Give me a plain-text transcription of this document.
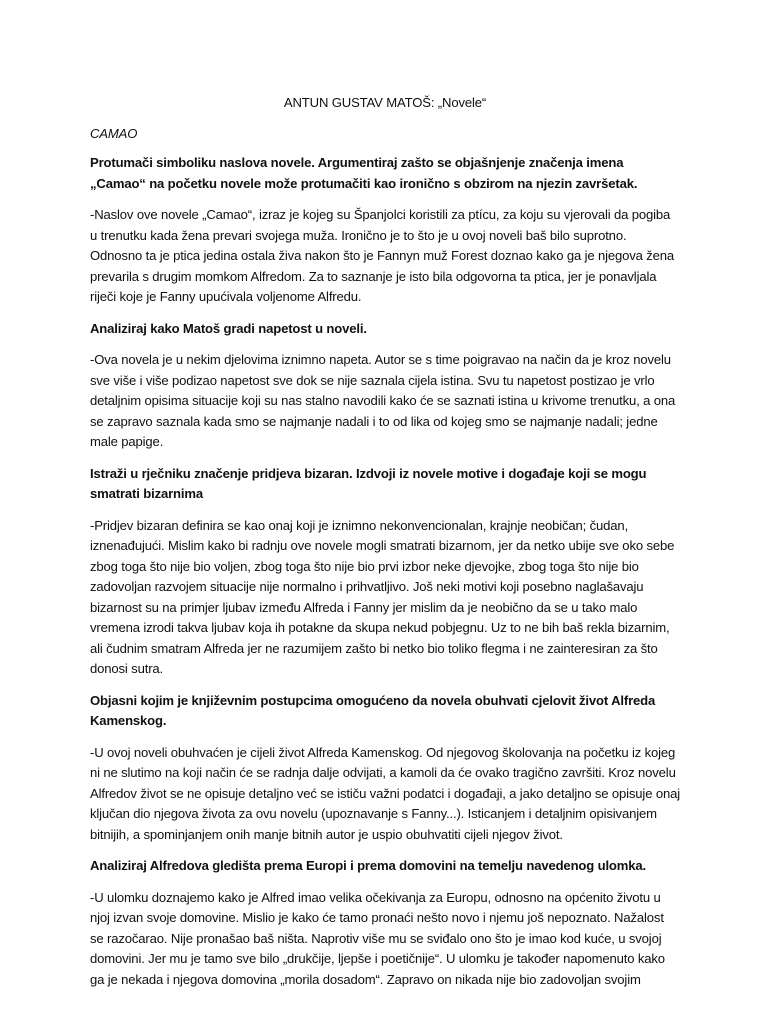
ANTUN GUSTAV MATOŠ: „Novele“

CAMAO

Protumači simboliku naslova novele. Argumentiraj zašto se objašnjenje značenja imena „Camao“ na početku novele može protumačiti kao ironično s obzirom na njezin završetak.

-Naslov ove novele „Camao“, izraz je kojeg su Španjolci koristili za ptícu, za koju su vjerovali da pogiba u trenutku kada žena prevari svojega muža. Ironično je to što je u ovoj noveli baš bilo suprotno. Odnosno ta je ptica jedina ostala živa nakon što je Fannyn muž Forest doznao kako ga je njegova žena prevarila s drugim momkom Alfredom. Za to saznanje je isto bila odgovorna ta ptica, jer je ponavljala riječi koje je Fanny upućivala voljenome Alfredu.

Analiziraj kako Matoš gradi napetost u noveli.

-Ova novela je u nekim djelovima iznimno napeta. Autor se s time poigravao na način da je kroz novelu sve više i više podizao napetost sve dok se nije saznala cijela istina. Svu tu napetost postizao je vrlo detaljnim opisima situacije koji su nas stalno navodili kako će se saznati istina u krivome trenutku, a ona se zapravo saznala kada smo se najmanje nadali i to od lika od kojeg smo se najmanje nadali; jedne male papige.

Istraži u rječniku značenje pridjeva bizaran. Izdvoji iz novele motive i događaje koji se mogu smatrati bizarnima

-Pridjev bizaran definira se kao onaj koji je iznimno nekonvencionalan, krajnje neobičan; čudan, iznenađujući. Mislim kako bi radnju ove novele mogli smatrati bizarnom, jer da netko ubije sve oko sebe zbog toga što nije bio voljen, zbog toga što nije bio prvi izbor neke djevojke, zbog toga što nije bio zadovoljan razvojem situacije nije normalno i prihvatljivo. Još neki motivi koji posebno naglašavaju bizarnost su na primjer ljubav između Alfreda i Fanny jer mislim da je neobično da se u tako malo vremena izrodi takva ljubav koja ih potakne da skupa nekud pobjegnu. Uz to ne bih baš rekla bizarnim, ali čudnim smatram Alfreda jer ne razumijem zašto bi netko bio toliko flegma i ne zainteresiran za što donosi sutra.

Objasni kojim je književnim postupcima omogućeno da novela obuhvati cjelovit život Alfreda Kamenskog.

-U ovoj noveli obuhvaćen je cijeli život Alfreda Kamenskog. Od njegovog školovanja na početku iz kojeg ni ne slutimo na koji način će se radnja dalje odvijati, a kamoli da će ovako tragično završiti. Kroz novelu Alfredov život se ne opisuje detaljno već se ističu važni podatci i događaji, a jako detaljno se opisuje onaj ključan dio njegova života za ovu novelu (upoznavanje s Fanny...). Isticanjem i detaljnim opisivanjem bitnijih, a spominjanjem onih manje bitnih autor je uspio obuhvatiti cijeli njegov život.

Analiziraj Alfredova gledišta prema Europi i prema domovini na temelju navedenog ulomka.

-U ulomku doznajemo kako je Alfred imao velika očekivanja za Europu, odnosno na općenito životu u njoj izvan svoje domovine. Mislio je kako će tamo pronaći nešto novo i njemu još nepoznato. Nažalost se razočarao. Nije pronašao baš ništa. Naprotiv više mu se sviđalo ono što je imao kod kuće, u svojoj domovini. Jer mu je tamo sve bilo „drukčije, ljepše i poetičnije“. U ulomku je također napomenuto kako ga je nekada i njegova domovina „morila dosadom“. Zapravo on nikada nije bio zadovoljan svojim
